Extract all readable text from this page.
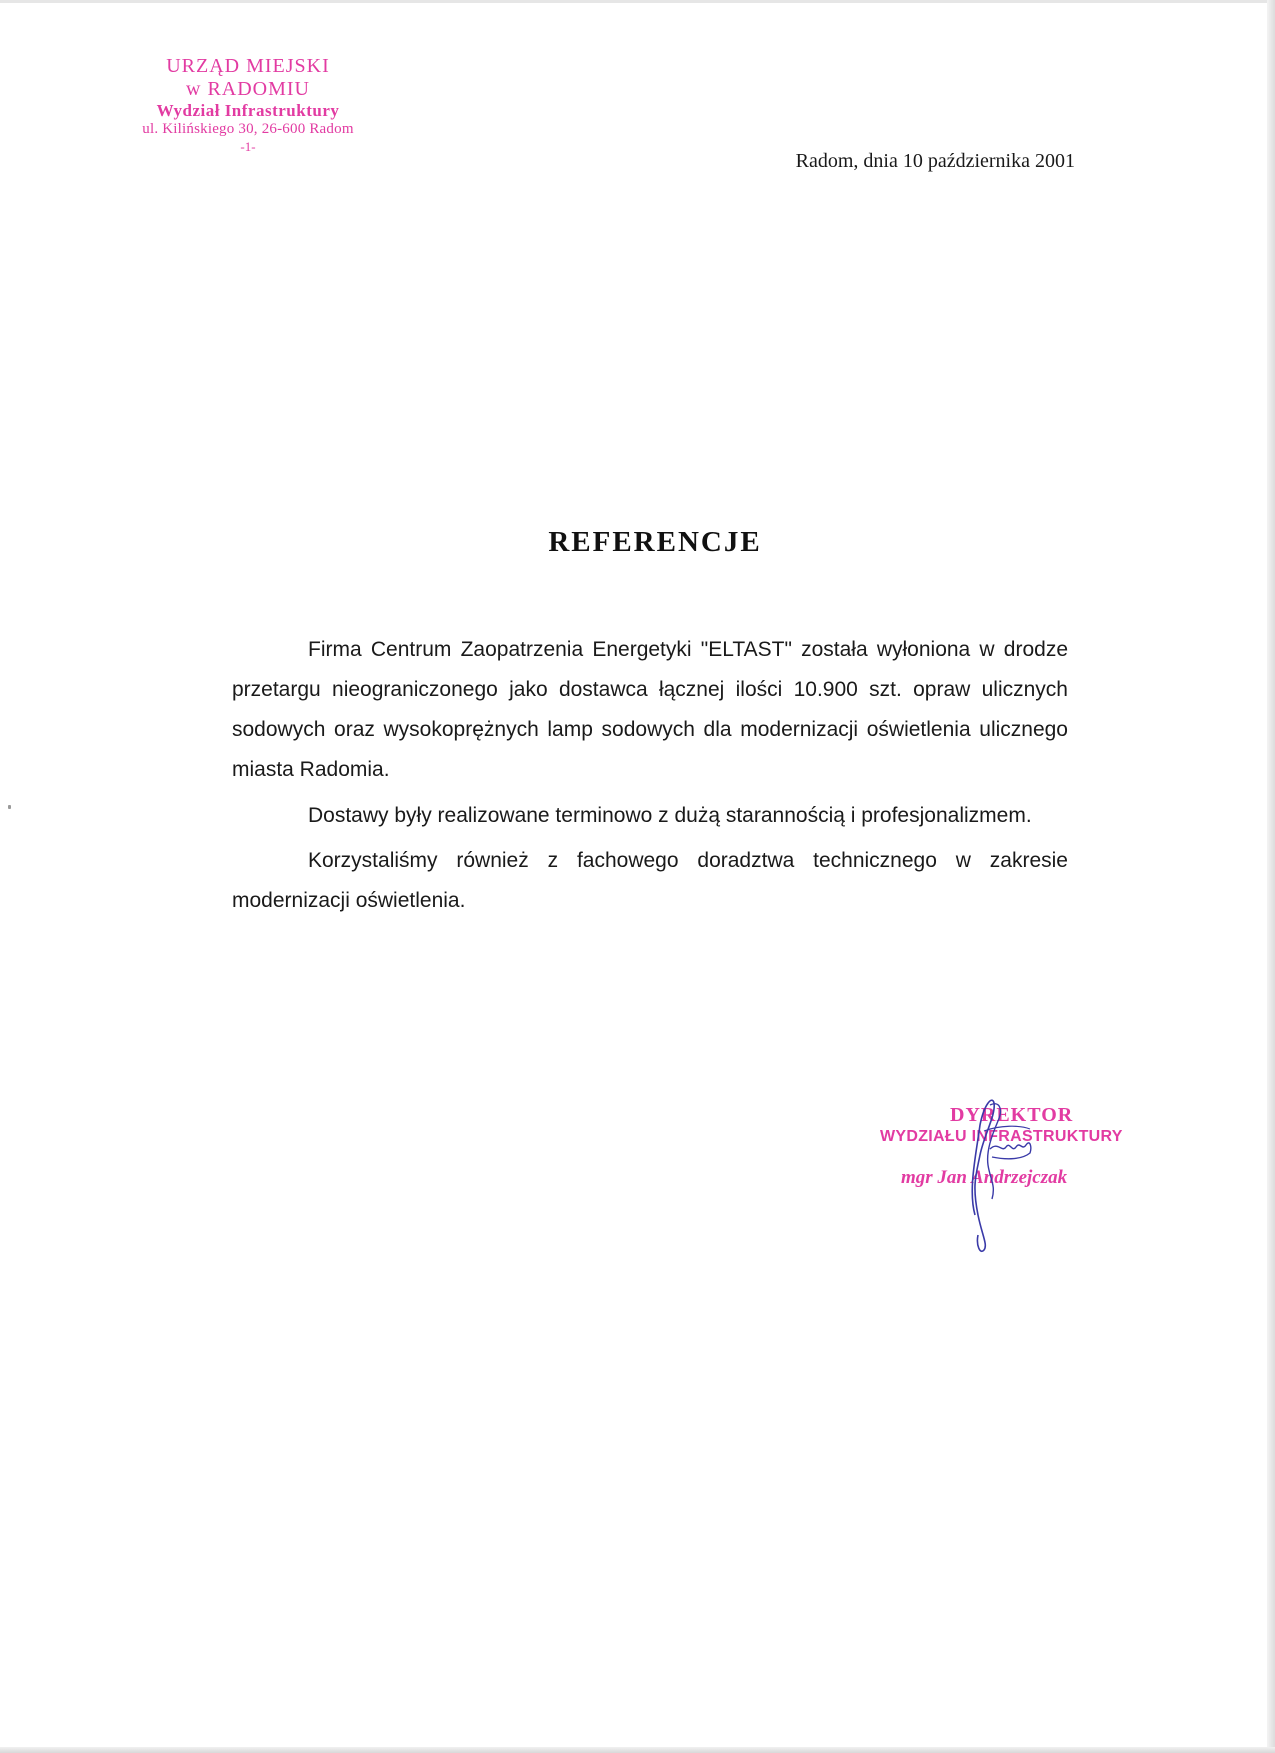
URZĄD MIEJSKI
w RADOMIU
Wydział Infrastruktury
ul. Kilińskiego 30, 26-600 Radom
-1-
Radom, dnia 10 października 2001
REFERENCJE

Firma Centrum Zaopatrzenia Energetyki "ELTAST" została wyłoniona w drodze przetargu nieograniczonego jako dostawca łącznej ilości 10.900 szt. opraw ulicznych sodowych oraz wysokoprężnych lamp sodowych dla modernizacji oświetlenia ulicznego miasta Radomia.

Dostawy były realizowane terminowo z dużą starannością i profesjonalizmem.

Korzystaliśmy również z fachowego doradztwa technicznego w zakresie modernizacji oświetlenia.

DYREKTOR
WYDZIAŁU INFRASTRUKTURY
mgr Jan Andrzejczak
